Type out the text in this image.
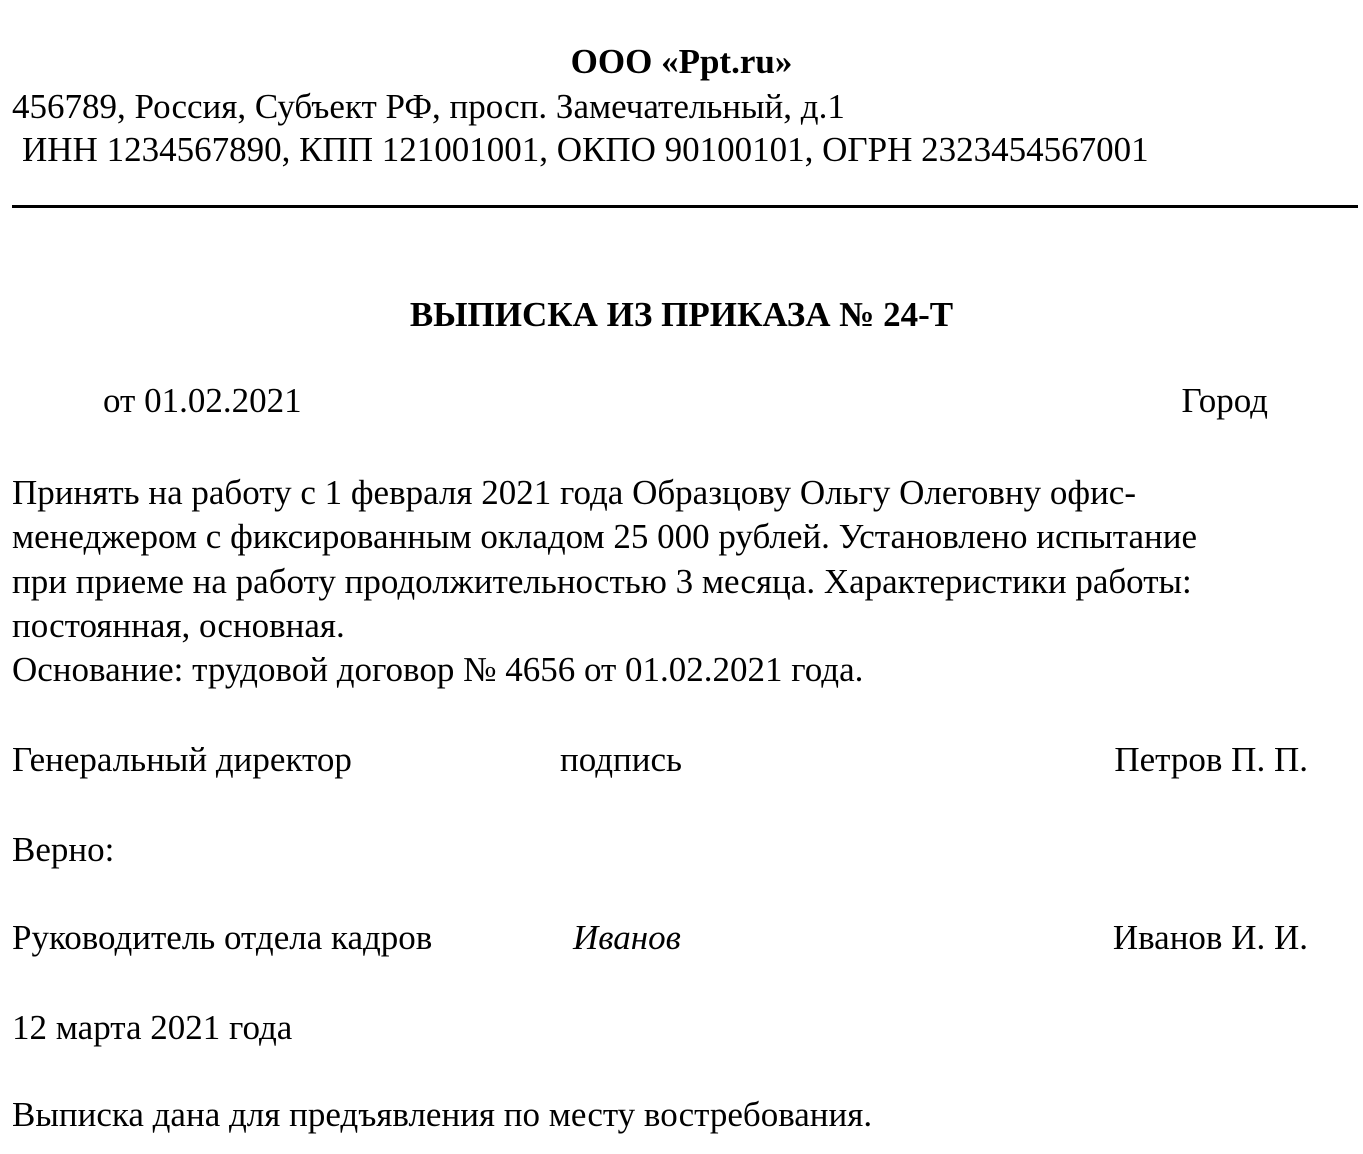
ООО «Ppt.ru»
456789, Россия, Субъект РФ, просп. Замечательный, д.1
ИНН 1234567890, КПП 121001001, ОКПО 90100101, ОГРН 2323454567001
ВЫПИСКА ИЗ ПРИКАЗА № 24-Т
от 01.02.2021	Город
Принять на работу с 1 февраля 2021 года Образцову Ольгу Олеговну офис-
менеджером с фиксированным окладом 25 000 рублей. Установлено испытание
при приеме на работу продолжительностью 3 месяца. Характеристики работы:
постоянная, основная.
Основание: трудовой договор № 4656 от 01.02.2021 года.
Генеральный директор	подпись	Петров П. П.
Верно:
Руководитель отдела кадров	Иванов	Иванов И. И.
12 марта 2021 года
Выписка дана для предъявления по месту востребования.
